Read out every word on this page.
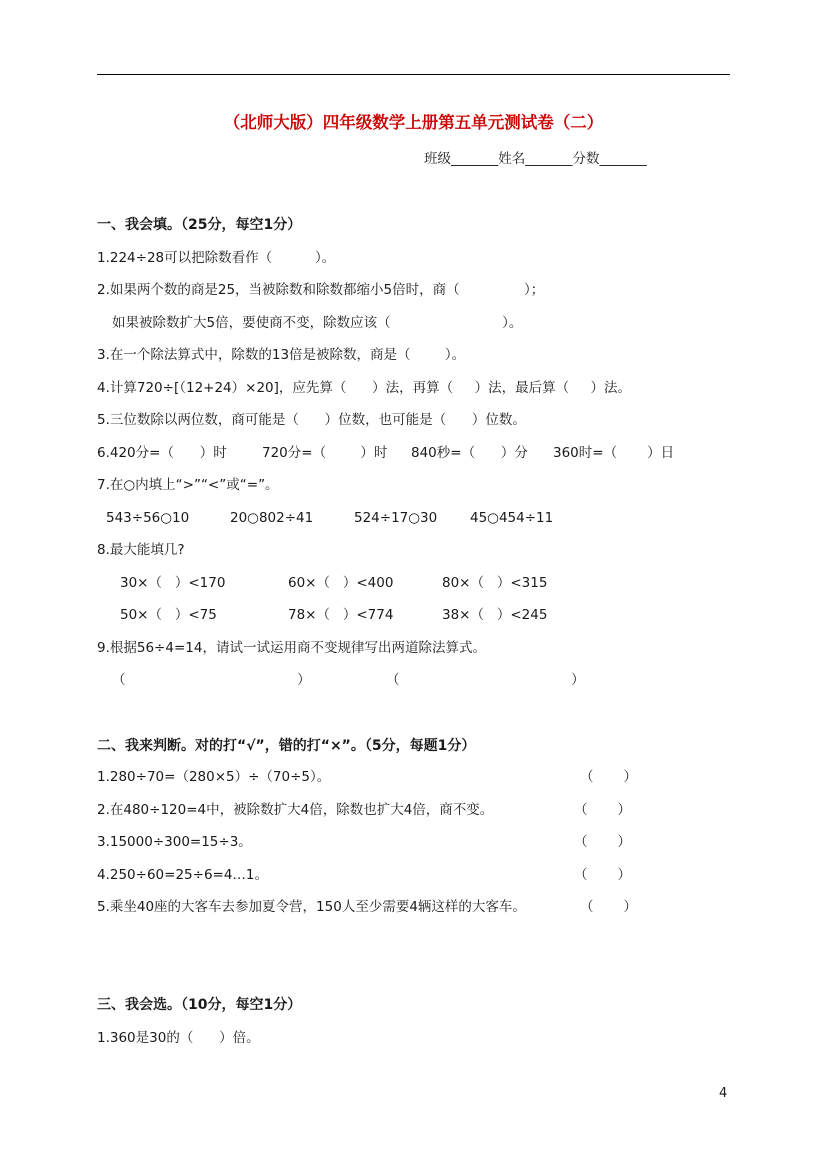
（北师大版）四年级数学上册第五单元测试卷（二）
班级_______姓名_______分数_______
一、我会填。（25分，每空1分）
1.224÷28可以把除数看作（          ）。
2.如果两个数的商是25，当被除数和除数都缩小5倍时，商（               ）；
如果被除数扩大5倍，要使商不变，除数应该（                          ）。
3.在一个除法算式中，除数的13倍是被除数，商是（        ）。
4.计算720÷[（12+24）×20]，应先算（      ）法，再算（     ）法，最后算（     ）法。
5.三位数除以两位数，商可能是（      ）位数，也可能是（      ）位数。
6.420分=（      ）时	720分=（        ）时 840秒=（      ）分 360时=（       ）日
7.在○内填上“>”“<”或“=”。
543÷56○10	20○802÷41	524÷17○30 45○454÷11
8.最大能填几?
30×（   ）<170	60×（   ）<400	80×（   ）<315
50×（   ）<75	78×（   ）<774	38×（   ）<245
9.根据56÷4=14，请试一试运用商不变规律写出两道除法算式。
（                                        ）	（                                        ）
二、我来判断。对的打“√”，错的打“×”。（5分，每题1分）
1.280÷70=（280×5）÷（70÷5）。	（       ）
2.在480÷120=4中，被除数扩大4倍，除数也扩大4倍，商不变。	（       ）
3.15000÷300=15÷3。	（       ）
4.250÷60=25÷6=4…1。	（       ）
5.乘坐40座的大客车去参加夏令营，150人至少需要4辆这样的大客车。	（       ）
三、我会选。（10分，每空1分）
1.360是30的（      ）倍。
4
